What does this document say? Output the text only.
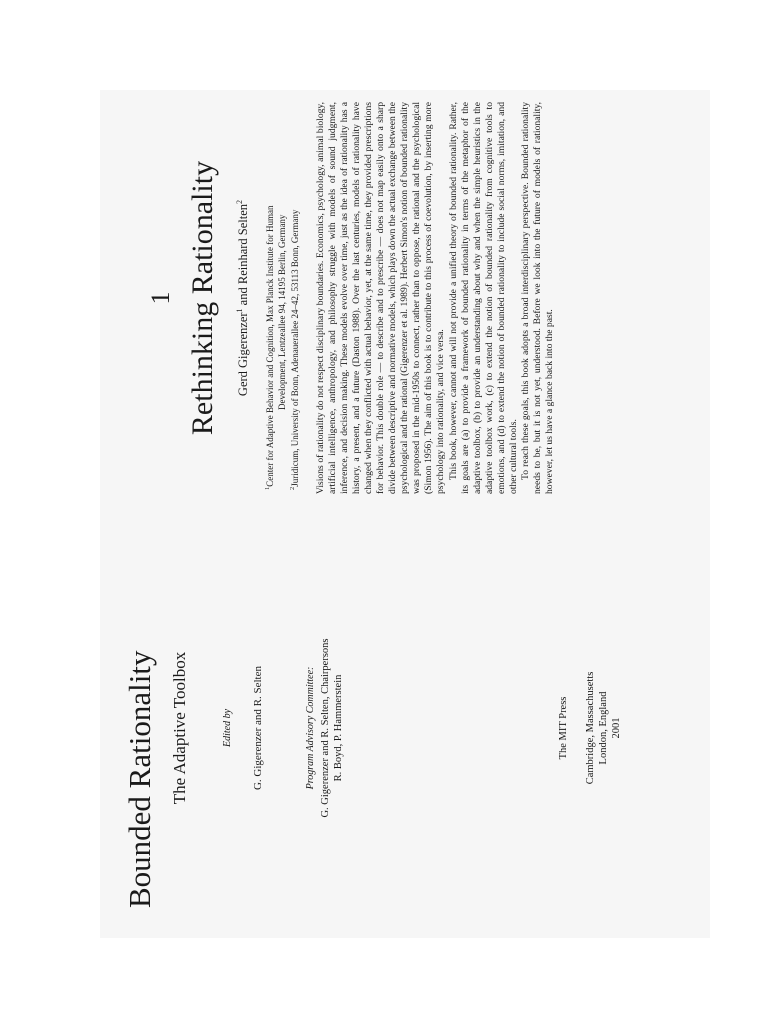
Bounded Rationality The Adaptive Toolbox	Edited by G. Gigerenzer and R. Selten	Program Advisory Committee: G. Gigerenzer and R. Selten, Chairpersons R. Boyd, P. Hammerstein	The MIT Press Cambridge, Massachusetts London, England 2001
1 Rethinking Rationality Gerd Gigerenzer$^1$ and Reinhard Selten$^2$
$^1$Center for Adaptive Behavior and Cognition, Max Planck Institute for Human Development, Lentzeallee 94, 14195 Berlin, Germany
$^2$Juridicum, University of Bonn, Adenauerallee 24–42, 53113 Bonn, Germany Visions of rationality do not respect disciplinary boundaries. Economics, psychology, animal biology, artificial intelligence, anthropology, and philosophy struggle with models of sound judgment, inference, and decision making. These models evolve over time, just as the idea of rationality has a history, a present, and a future (Daston 1988). Over the last centuries, models of rationality have changed when they conflicted with actual behavior, yet, at the same time, they provided prescriptions for behavior. This double role — to describe and to prescribe — does not map easily onto a sharp divide between descriptive and normative models, which plays down the actual exchange between the psychological and the rational (Gigerenzer et al. 1989). Herbert Simon's notion of bounded rationality was proposed in the mid-1950s to connect, rather than to oppose, the rational and the psychological (Simon 1956). The aim of this book is to contribute to this process of coevolution, by inserting more psychology into rationality, and vice versa. This book, however, cannot and will not provide a unified theory of bounded rationality. Rather, its goals are (a) to provide a framework of bounded rationality in terms of the metaphor of the adaptive toolbox, (b) to provide an understanding about why and when the simple heuristics in the adaptive toolbox work, (c) to extend the notion of bounded rationality from cognitive tools to emotions, and (d) to extend the notion of bounded rationality to include social norms, imitation, and other cultural tools. To reach these goals, this book adopts a broad interdisciplinary perspective. Bounded rationality needs to be, but it is not yet, understood. Before we look into the future of models of rationality, however, let us have a glance back into the past.
